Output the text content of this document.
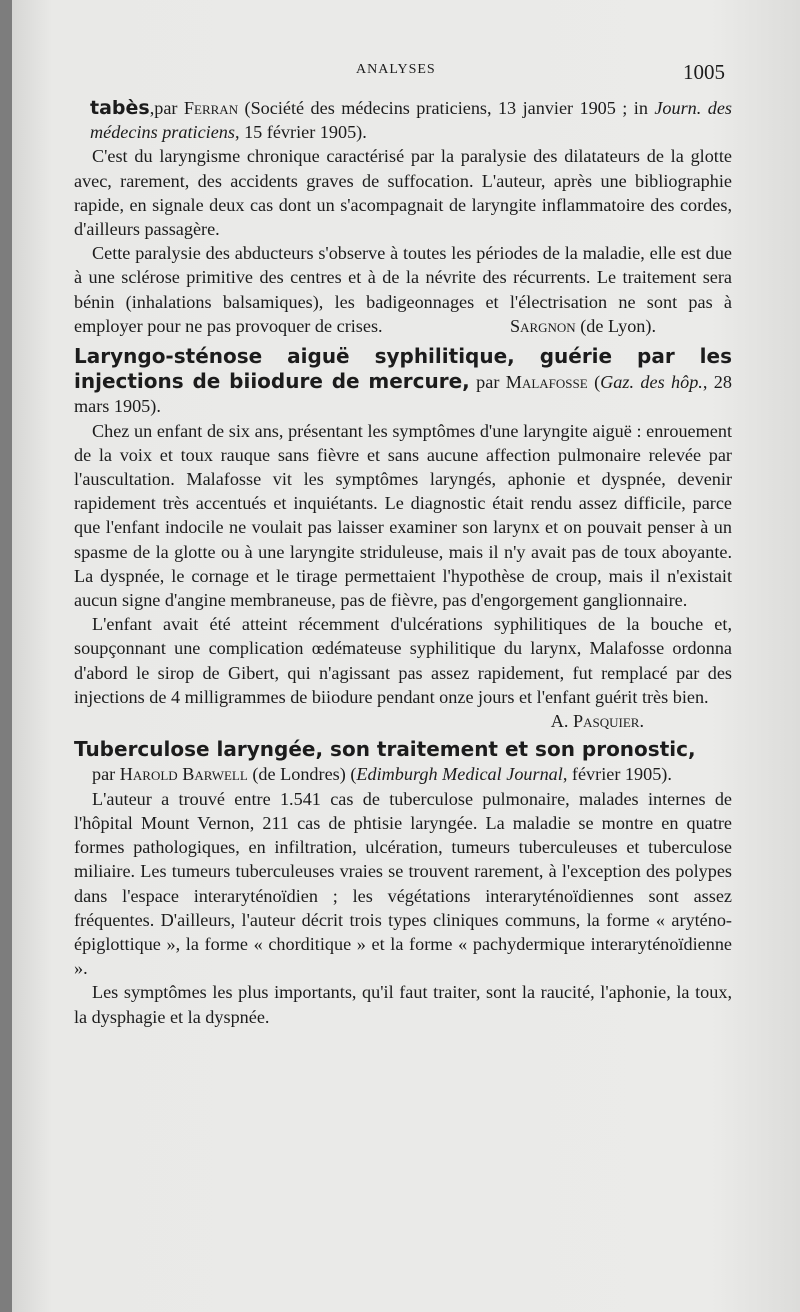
ANALYSES	1005

tabès,par Ferran (Société des médecins praticiens, 13 janvier 1905 ; in Journ. des médecins praticiens, 15 février 1905).

C'est du laryngisme chronique caractérisé par la paralysie des dilatateurs de la glotte avec, rarement, des accidents graves de suffocation. L'auteur, après une bibliographie rapide, en signale deux cas dont un s'acompagnait de laryngite inflammatoire des cordes, d'ailleurs passagère.

Cette paralysie des abducteurs s'observe à toutes les périodes de la maladie, elle est due à une sclérose primitive des centres et à de la névrite des récurrents. Le traitement sera bénin (inhalations balsamiques), les badigeonnages et l'électrisation ne sont pas à employer pour ne pas provoquer de crises.	Sargnon (de Lyon).

Laryngo-sténose aiguë syphilitique, guérie par les injections de biiodure de mercure, par Malafosse (Gaz. des hôp., 28 mars 1905).

Chez un enfant de six ans, présentant les symptômes d'une laryngite aiguë : enrouement de la voix et toux rauque sans fièvre et sans aucune affection pulmonaire relevée par l'auscultation. Malafosse vit les symptômes laryngés, aphonie et dyspnée, devenir rapidement très accentués et inquiétants. Le diagnostic était rendu assez difficile, parce que l'enfant indocile ne voulait pas laisser examiner son larynx et on pouvait penser à un spasme de la glotte ou à une laryngite striduleuse, mais il n'y avait pas de toux aboyante. La dyspnée, le cornage et le tirage permettaient l'hypothèse de croup, mais il n'existait aucun signe d'angine membraneuse, pas de fièvre, pas d'engorgement ganglionnaire.

L'enfant avait été atteint récemment d'ulcérations syphilitiques de la bouche et, soupçonnant une complication œdémateuse syphilitique du larynx, Malafosse ordonna d'abord le sirop de Gibert, qui n'agissant pas assez rapidement, fut remplacé par des injections de 4 milligrammes de biiodure pendant onze jours et l'enfant guérit très bien.

A. Pasquier.

Tuberculose laryngée, son traitement et son pronostic,

par Harold Barwell (de Londres) (Edimburgh Medical Journal, février 1905).

L'auteur a trouvé entre 1.541 cas de tuberculose pulmonaire, malades internes de l'hôpital Mount Vernon, 211 cas de phtisie laryngée. La maladie se montre en quatre formes pathologiques, en infiltration, ulcération, tumeurs tuberculeuses et tuberculose miliaire. Les tumeurs tuberculeuses vraies se trouvent rarement, à l'exception des polypes dans l'espace interaryténoïdien ; les végétations interaryténoïdiennes sont assez fréquentes. D'ailleurs, l'auteur décrit trois types cliniques communs, la forme « aryténo-épiglottique », la forme « chorditique » et la forme « pachydermique interaryténoïdienne ».

Les symptômes les plus importants, qu'il faut traiter, sont la raucité, l'aphonie, la toux, la dysphagie et la dyspnée.
